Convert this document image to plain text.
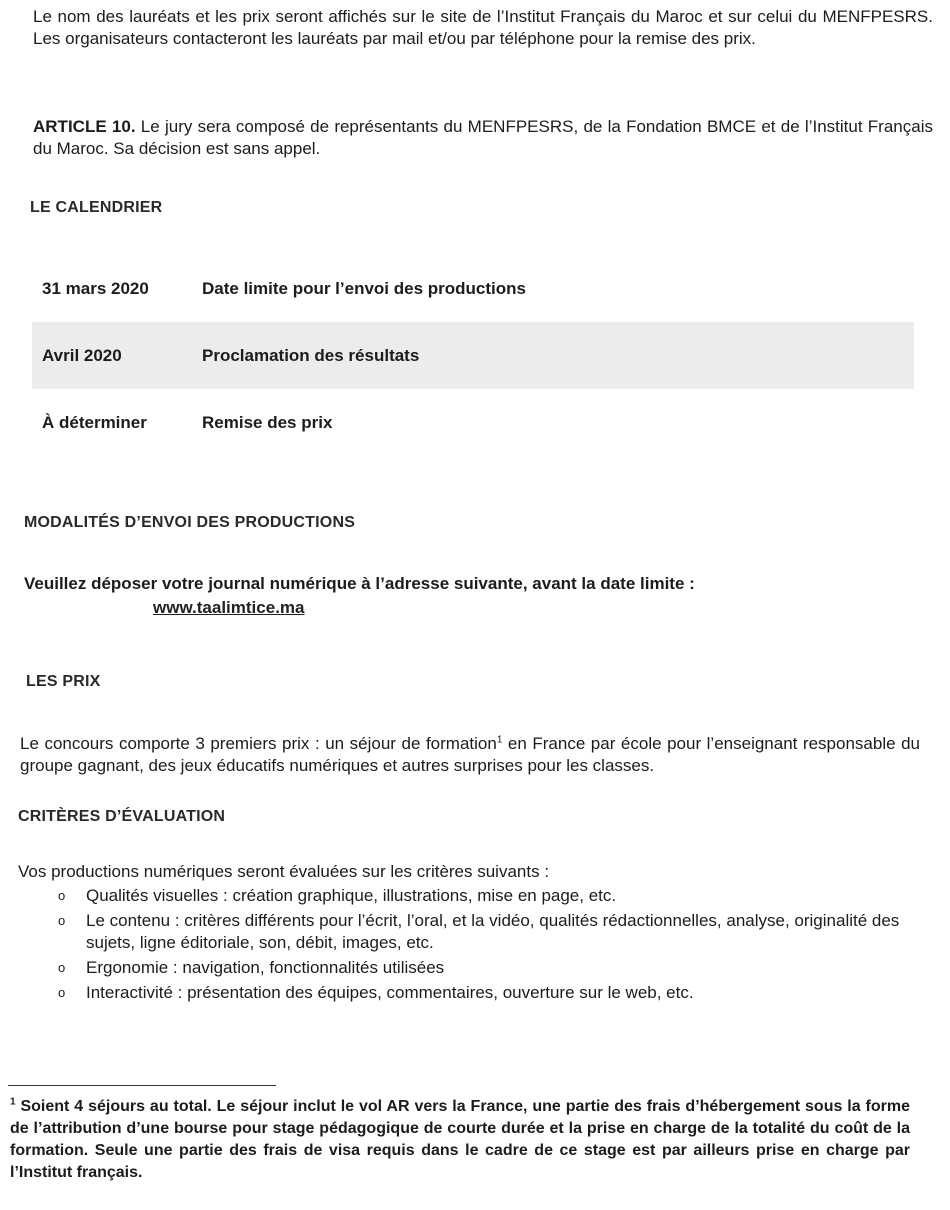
Le nom des lauréats et les prix seront affichés sur le site de l’Institut Français du Maroc et sur celui du MENFPESRS. Les organisateurs contacteront les lauréats par mail et/ou par téléphone pour la remise des prix.

ARTICLE 10. Le jury sera composé de représentants du MENFPESRS, de la Fondation BMCE et de l’Institut Français du Maroc. Sa décision est sans appel.

LE CALENDRIER
31 mars 2020	Date limite pour l’envoi des productions
Avril 2020	Proclamation des résultats
À déterminer	Remise des prix
MODALITÉS D’ENVOI DES PRODUCTIONS

Veuillez déposer votre journal numérique à l’adresse suivante, avant la date limite :

www.taalimtice.ma
LES PRIX

Le concours comporte 3 premiers prix : un séjour de formation$^1$ en France par école pour l’enseignant responsable du groupe gagnant, des jeux éducatifs numériques et autres surprises pour les classes.

CRITÈRES D’ÉVALUATION

Vos productions numériques seront évaluées sur les critères suivants :

o Qualités visuelles : création graphique, illustrations, mise en page, etc.
o Le contenu : critères différents pour l’écrit, l’oral, et la vidéo, qualités rédactionnelles, analyse, originalité des sujets, ligne éditoriale, son, débit, images, etc.
o Ergonomie : navigation, fonctionnalités utilisées
o Interactivité : présentation des équipes, commentaires, ouverture sur le web, etc.

$^1$ Soient 4 séjours au total. Le séjour inclut le vol AR vers la France, une partie des frais d’hébergement sous la forme de l’attribution d’une bourse pour stage pédagogique de courte durée et la prise en charge de la totalité du coût de la formation. Seule une partie des frais de visa requis dans le cadre de ce stage est par ailleurs prise en charge par l’Institut français.
